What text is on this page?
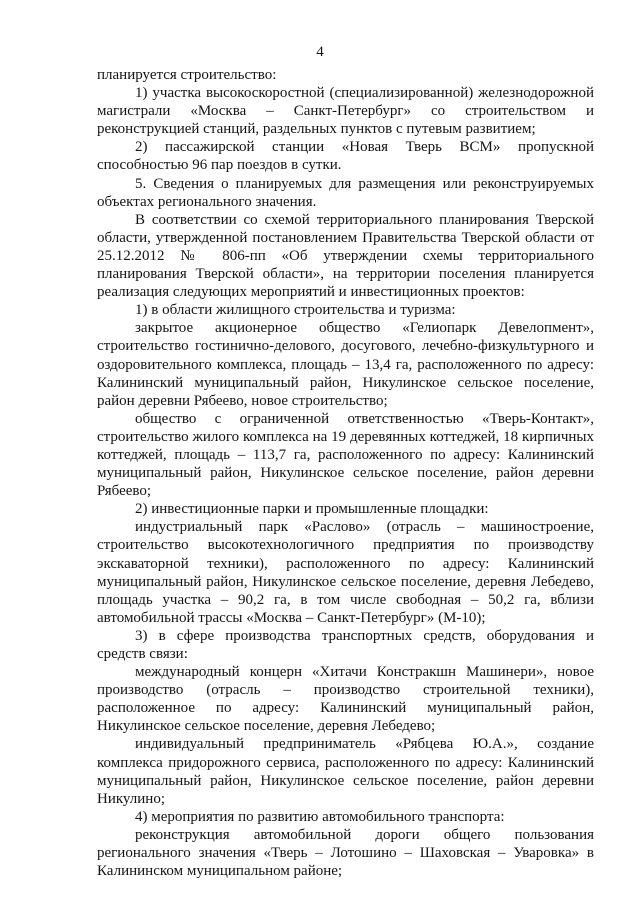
4

планируется строительство:

1) участка высокоскоростной (специализированной) железнодорожной магистрали «Москва – Санкт-Петербург» со строительством и реконструкцией станций, раздельных пунктов с путевым развитием;

2) пассажирской станции «Новая Тверь ВСМ» пропускной способностью 96 пар поездов в сутки.

5. Сведения о планируемых для размещения или реконструируемых объектах регионального значения.

В соответствии со схемой территориального планирования Тверской области, утвержденной постановлением Правительства Тверской области от 25.12.2012 № 806-пп «Об утверждении схемы территориального планирования Тверской области», на территории поселения планируется реализация следующих мероприятий и инвестиционных проектов:

1) в области жилищного строительства и туризма:

закрытое акционерное общество «Гелиопарк Девелопмент», строительство гостинично-делового, досугового, лечебно-физкультурного и оздоровительного комплекса, площадь – 13,4 га, расположенного по адресу: Калининский муниципальный район, Никулинское сельское поселение, район деревни Рябеево, новое строительство;

общество с ограниченной ответственностью «Тверь-Контакт», строительство жилого комплекса на 19 деревянных коттеджей, 18 кирпичных коттеджей, площадь – 113,7 га, расположенного по адресу: Калининский муниципальный район, Никулинское сельское поселение, район деревни Рябеево;

2) инвестиционные парки и промышленные площадки:

индустриальный парк «Раслово» (отрасль – машиностроение, строительство высокотехнологичного предприятия по производству экскаваторной техники), расположенного по адресу: Калининский муниципальный район, Никулинское сельское поселение, деревня Лебедево, площадь участка – 90,2 га, в том числе свободная – 50,2 га, вблизи автомобильной трассы «Москва – Санкт-Петербург» (М-10);

3) в сфере производства транспортных средств, оборудования и средств связи:

международный концерн «Хитачи Констракшн Машинери», новое производство (отрасль – производство строительной техники), расположенное по адресу: Калининский муниципальный район, Никулинское сельское поселение, деревня Лебедево;

индивидуальный предприниматель «Рябцева Ю.А.», создание комплекса придорожного сервиса, расположенного по адресу: Калининский муниципальный район, Никулинское сельское поселение, район деревни Никулино;

4) мероприятия по развитию автомобильного транспорта:

реконструкция автомобильной дороги общего пользования регионального значения «Тверь – Лотошино – Шаховская – Уваровка» в Калининском муниципальном районе;
